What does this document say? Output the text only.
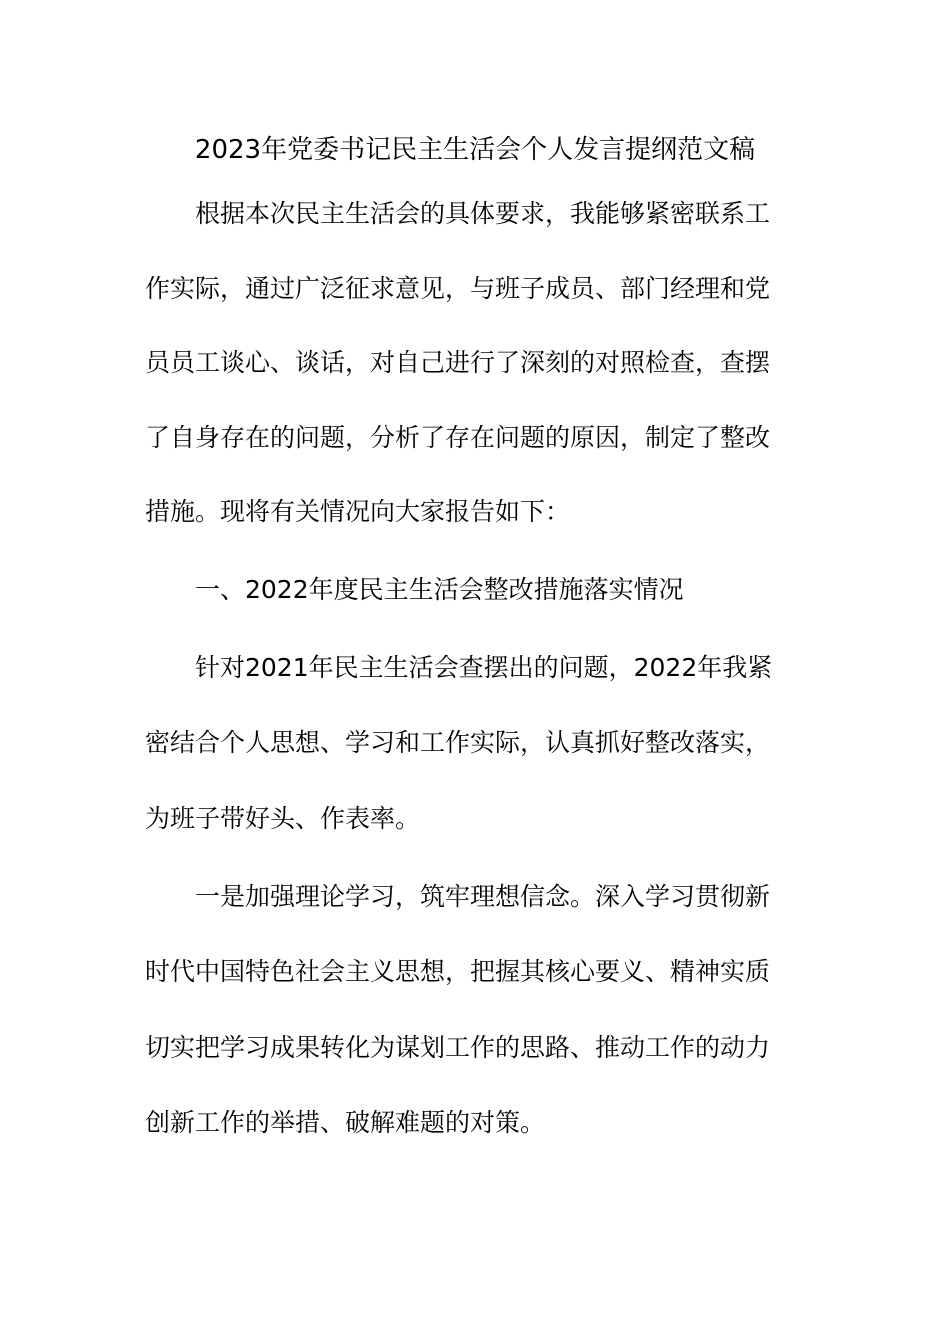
2023年党委书记民主生活会个人发言提纲范文稿
根据本次民主生活会的具体要求，我能够紧密联系工
作实际，通过广泛征求意见，与班子成员、部门经理和党
员员工谈心、谈话，对自己进行了深刻的对照检查，查摆
了自身存在的问题，分析了存在问题的原因，制定了整改
措施。现将有关情况向大家报告如下：
一、2022年度民主生活会整改措施落实情况
针对2021年民主生活会查摆出的问题，2022年我紧
密结合个人思想、学习和工作实际，认真抓好整改落实，
为班子带好头、作表率。
一是加强理论学习，筑牢理想信念。深入学习贯彻新
时代中国特色社会主义思想，把握其核心要义、精神实质
切实把学习成果转化为谋划工作的思路、推动工作的动力
创新工作的举措、破解难题的对策。
